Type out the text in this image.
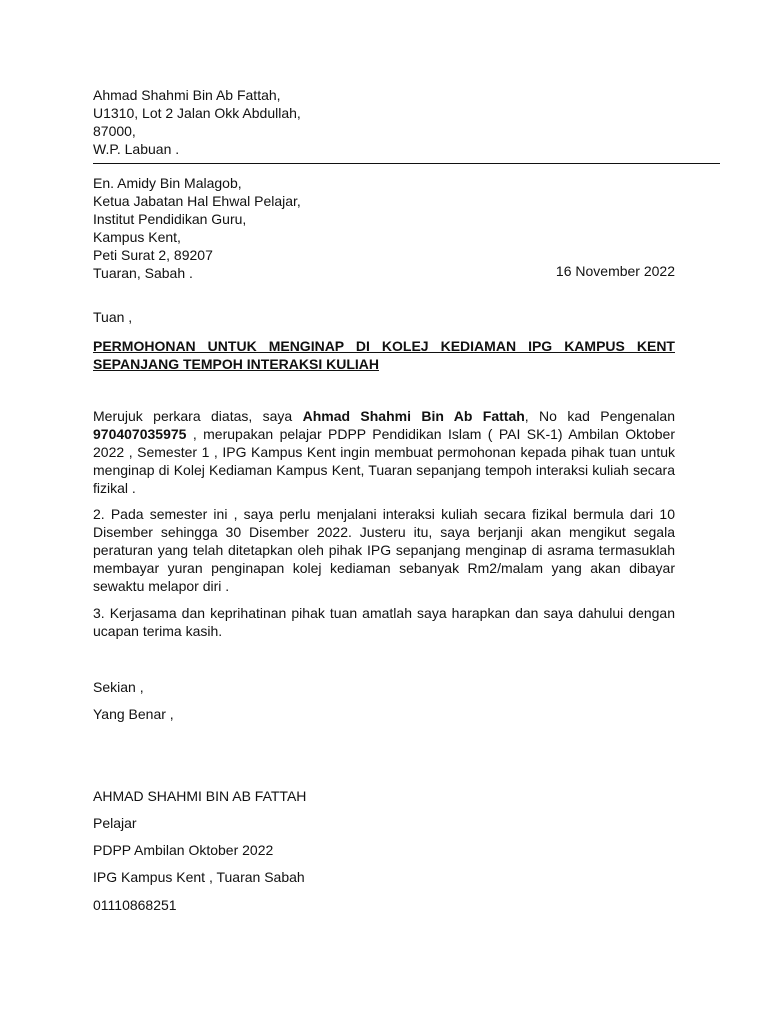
Ahmad Shahmi Bin Ab Fattah,
U1310, Lot 2 Jalan Okk Abdullah,
87000,
W.P. Labuan .
En. Amidy Bin Malagob,
Ketua Jabatan Hal Ehwal Pelajar,
Institut Pendidikan Guru,
Kampus Kent,
Peti Surat 2, 89207
Tuaran, Sabah .	16 November 2022
Tuan ,
PERMOHONAN UNTUK MENGINAP DI KOLEJ KEDIAMAN IPG KAMPUS KENT
SEPANJANG TEMPOH INTERAKSI KULIAH
Merujuk perkara diatas, saya Ahmad Shahmi Bin Ab Fattah, No kad Pengenalan
970407035975 , merupakan pelajar PDPP Pendidikan Islam ( PAI SK-1) Ambilan Oktober
2022 , Semester 1 , IPG Kampus Kent ingin membuat permohonan kepada pihak tuan untuk
menginap di Kolej Kediaman Kampus Kent, Tuaran sepanjang tempoh interaksi kuliah secara
fizikal .
2. Pada semester ini , saya perlu menjalani interaksi kuliah secara fizikal bermula dari 10
Disember sehingga 30 Disember 2022. Justeru itu, saya berjanji akan mengikut segala
peraturan yang telah ditetapkan oleh pihak IPG sepanjang menginap di asrama termasuklah
membayar yuran penginapan kolej kediaman sebanyak Rm2/malam yang akan dibayar
sewaktu melapor diri .
3. Kerjasama dan keprihatinan pihak tuan amatlah saya harapkan dan saya dahului dengan
ucapan terima kasih.
Sekian ,
Yang Benar ,
AHMAD SHAHMI BIN AB FATTAH
Pelajar
PDPP Ambilan Oktober 2022
IPG Kampus Kent , Tuaran Sabah
01110868251
